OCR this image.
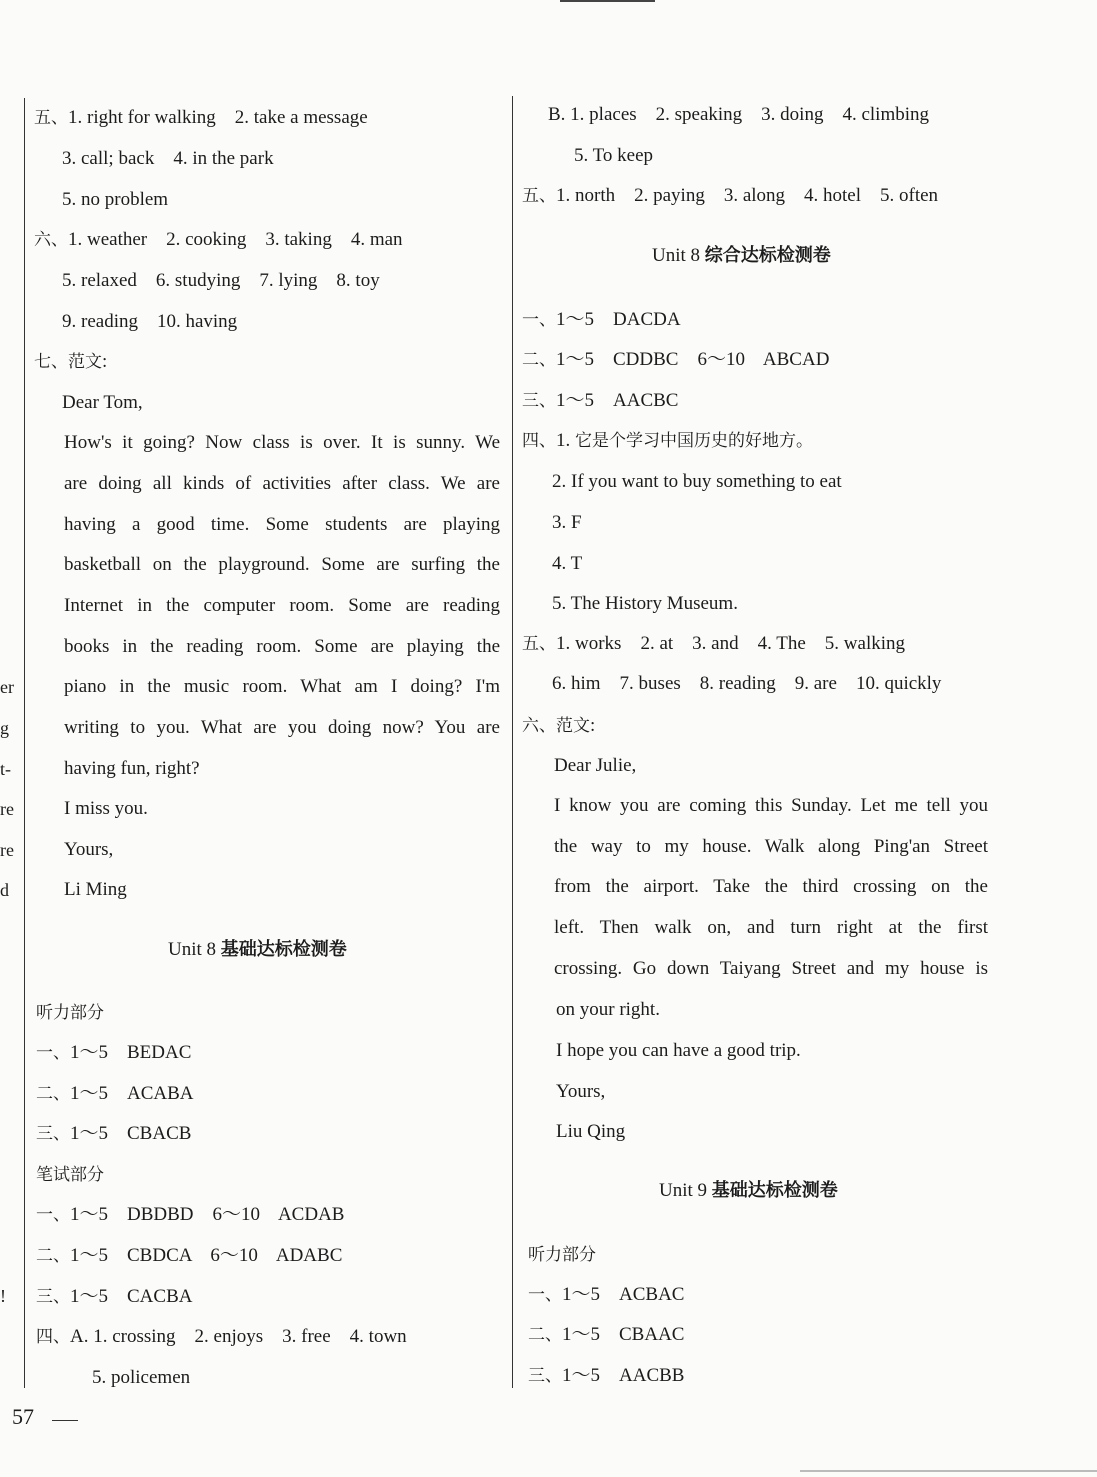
57
五、1. right for walking    2. take a message
3. call; back    4. in the park
5. no problem
六、1. weather    2. cooking    3. taking    4. man
5. relaxed    6. studying    7. lying    8. toy
9. reading    10. having
七、范文:
Dear Tom,
How's it going? Now class is over. It is sunny. We
are doing all kinds of activities after class. We are
having a good time. Some students are playing
basketball on the playground. Some are surfing the
Internet in the computer room. Some are reading
books in the reading room. Some are playing the
piano in the music room. What am I doing? I'm
writing to you. What are you doing now? You are
having fun, right?
I miss you.
Yours,
Li Ming
Unit 8 基础达标检测卷
听力部分
一、1～5    BEDAC
二、1～5    ACABA
三、1～5    CBACB
笔试部分
一、1～5    DBDBD    6～10    ACDAB
二、1～5    CBDCA    6～10    ADABC
三、1～5    CACBA
四、A. 1. crossing    2. enjoys    3. free    4. town
5. policemen
B. 1. places    2. speaking    3. doing    4. climbing
5. To keep
五、1. north    2. paying    3. along    4. hotel    5. often
Unit 8 综合达标检测卷
一、1～5    DACDA
二、1～5    CDDBC    6～10    ABCAD
三、1～5    AACBC
四、1. 它是个学习中国历史的好地方。
2. If you want to buy something to eat
3. F
4. T
5. The History Museum.
五、1. works    2. at    3. and    4. The    5. walking
6. him    7. buses    8. reading    9. are    10. quickly
六、范文:
Dear Julie,
I know you are coming this Sunday. Let me tell you
the way to my house. Walk along Ping'an Street
from the airport. Take the third crossing on the
left. Then walk on, and turn right at the first
crossing. Go down Taiyang Street and my house is
on your right.
I hope you can have a good trip.
Yours,
Liu Qing
Unit 9 基础达标检测卷
听力部分
一、1～5    ACBAC
二、1～5    CBAAC
三、1～5    AACBB
er
g
t-
re
re
d
!
